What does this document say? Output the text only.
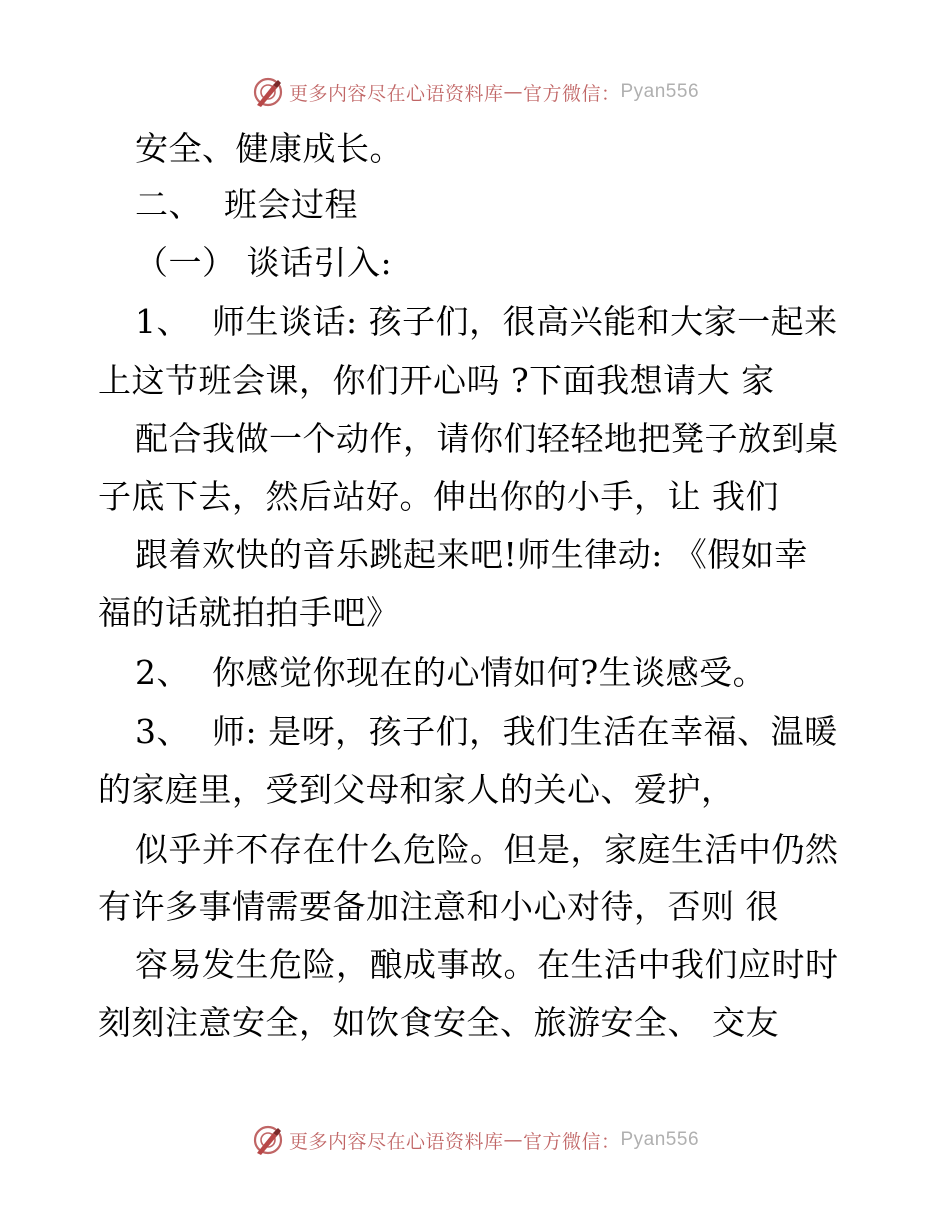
更多内容尽在心语资料库 — 官方微信： Pyan556
安全、健康成长。
二、  班会过程
（一） 谈话引入:
1、  师生谈话: 孩子们，很高兴能和大家一起来
上这节班会课，你们开心吗 ?下面我想请大 家
配合我做一个动作，请你们轻轻地把凳子放到桌
子底下去，然后站好。伸出你的小手，让 我们
跟着欢快的音乐跳起来吧!师生律动: 《假如幸
福的话就拍拍手吧》
2、  你感觉你现在的心情如何?生谈感受。
3、  师: 是呀，孩子们，我们生活在幸福、温暖
的家庭里，受到父母和家人的关心、爱护，
似乎并不存在什么危险。但是，家庭生活中仍然
有许多事情需要备加注意和小心对待，否则 很
容易发生危险，酿成事故。在生活中我们应时时
刻刻注意安全，如饮食安全、旅游安全、 交友
更多内容尽在心语资料库 — 官方微信： Pyan556
